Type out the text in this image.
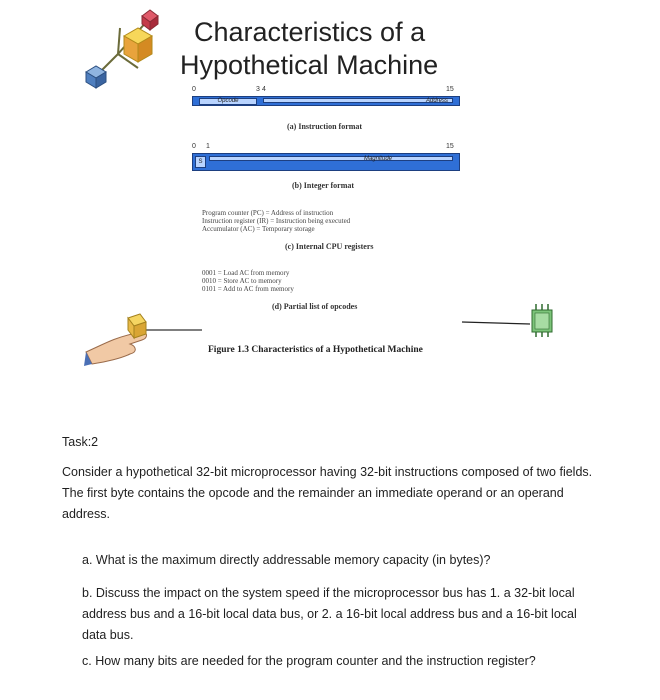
Characteristics of a
Hypothetical Machine
0	3 4	15
Opcode	Address
(a) Instruction format
0 1	15
S	Magnitude
(b) Integer format
Program counter (PC) = Address of instruction
Instruction register (IR) = Instruction being executed
Accumulator (AC) = Temporary storage
(c) Internal CPU registers
0001 = Load AC from memory
0010 = Store AC to memory
0101 = Add to AC from memory
(d) Partial list of opcodes
Figure 1.3 Characteristics of a Hypothetical Machine
Task:2
Consider a hypothetical 32-bit microprocessor having 32-bit instructions composed of two fields. The first byte contains the opcode and the remainder an immediate operand or an operand address.
a. What is the maximum directly addressable memory capacity (in bytes)?
b. Discuss the impact on the system speed if the microprocessor bus has 1. a 32-bit local address bus and a 16-bit local data bus, or 2. a 16-bit local address bus and a 16-bit local data bus.
c. How many bits are needed for the program counter and the instruction register?
